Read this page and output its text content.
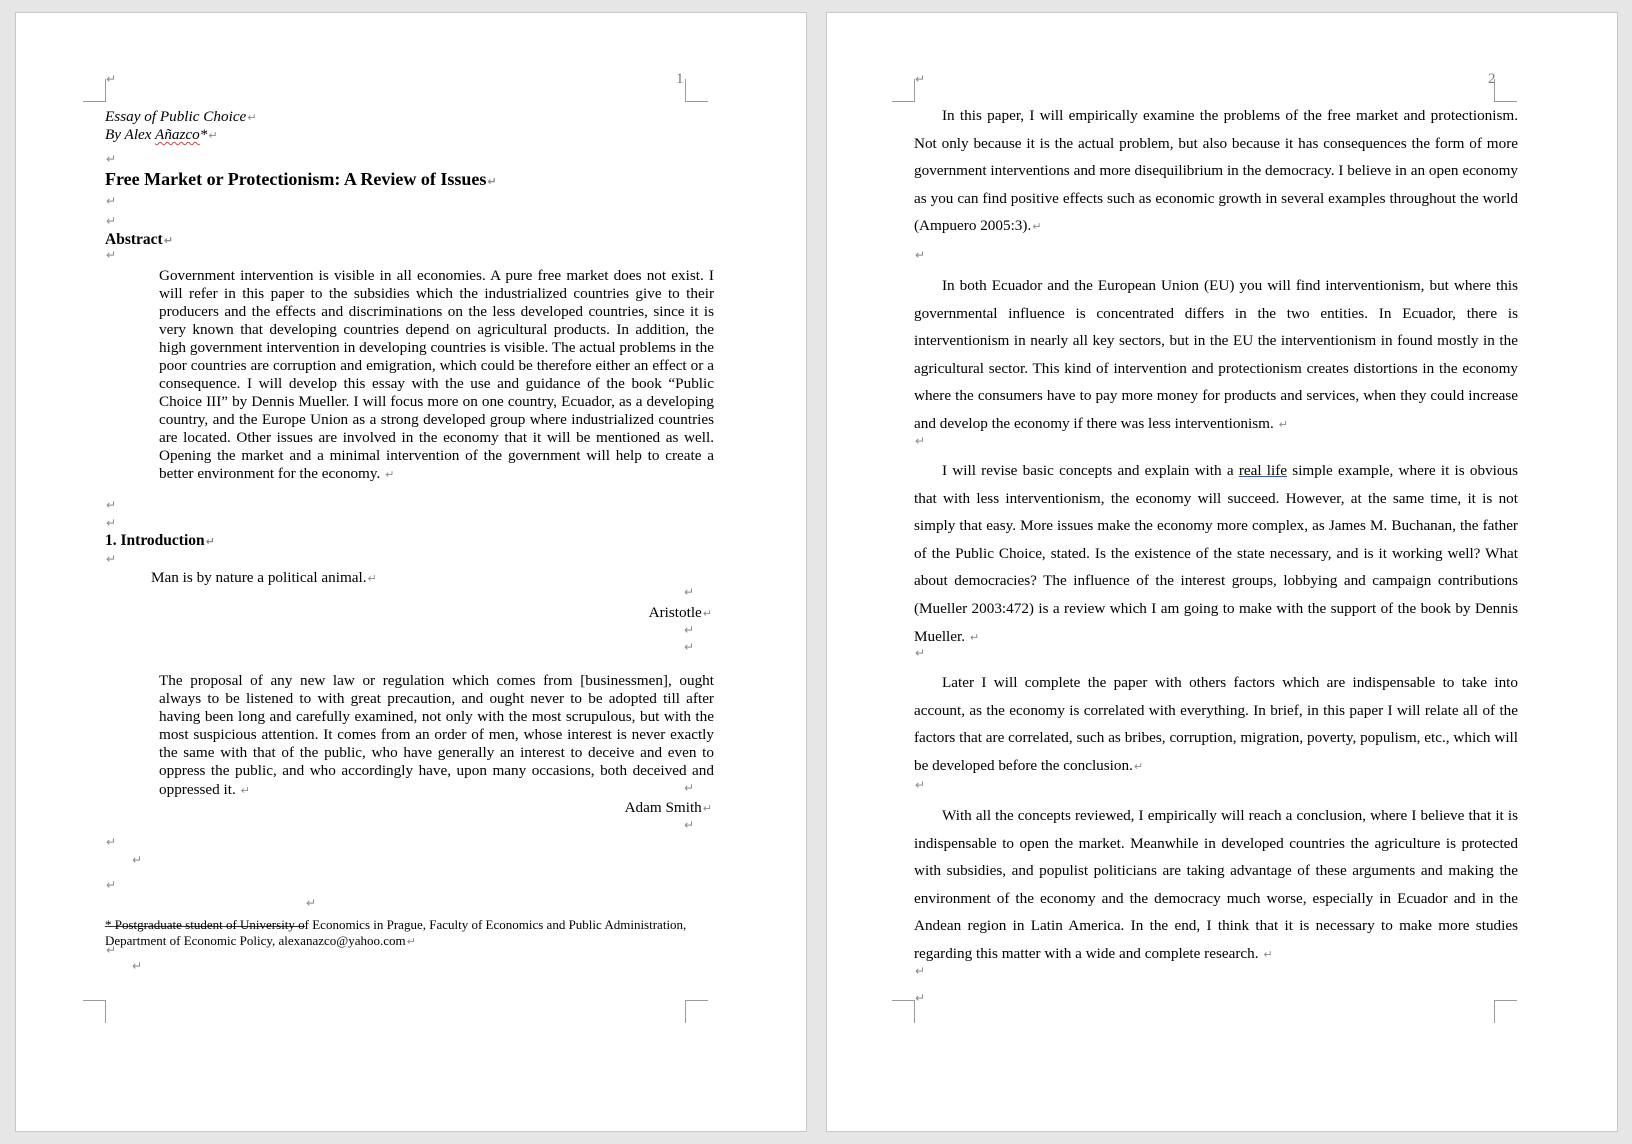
1
↵
Essay of Public Choice ↵
By Alex Añazco* ↵
↵
Free Market or Protectionism: A Review of Issues ↵
↵
↵
Abstract ↵
↵
Government intervention is visible in all economies. A pure free market does not exist. I will refer in this paper to the subsidies which the industrialized countries give to their producers and the effects and discriminations on the less developed countries, since it is very known that developing countries depend on agricultural products. In addition, the high government intervention in developing countries is visible. The actual problems in the poor countries are corruption and emigration, which could be therefore either an effect or a consequence. I will develop this essay with the use and guidance of the book “Public Choice III” by Dennis Mueller. I will focus more on one country, Ecuador, as a developing country, and the Europe Union as a strong developed group where industrialized countries are located. Other issues are involved in the economy that it will be mentioned as well. Opening the market and a minimal intervention of the government will help to create a better environment for the economy. ↵
↵
↵
1. Introduction ↵
↵
Man is by nature a political animal. ↵
↵
Aristotle ↵
↵
↵
The proposal of any new law or regulation which comes from [businessmen], ought always to be listened to with great precaution, and ought never to be adopted till after having been long and carefully examined, not only with the most scrupulous, but with the most suspicious attention. It comes from an order of men, whose interest is never exactly the same with that of the public, who have generally an interest to deceive and even to oppress the public, and who accordingly have, upon many occasions, both deceived and oppressed it. ↵
↵
Adam Smith ↵
↵
↵
↵
↵
↵
* Postgraduate student of University of Economics in Prague, Faculty of Economics and Public Administration, Department of Economic Policy, alexanazco@yahoo.com ↵
↵
↵
2
↵
In this paper, I will empirically examine the problems of the free market and protectionism. Not only because it is the actual problem, but also because it has consequences the form of more government interventions and more disequilibrium in the democracy. I believe in an open economy as you can find positive effects such as economic growth in several examples throughout the world (Ampuero 2005:3). ↵
↵
In both Ecuador and the European Union (EU) you will find interventionism, but where this governmental influence is concentrated differs in the two entities. In Ecuador, there is interventionism in nearly all key sectors, but in the EU the interventionism in found mostly in the agricultural sector. This kind of intervention and protectionism creates distortions in the economy where the consumers have to pay more money for products and services, when they could increase and develop the economy if there was less interventionism. ↵
↵
I will revise basic concepts and explain with a real life simple example, where it is obvious that with less interventionism, the economy will succeed. However, at the same time, it is not simply that easy. More issues make the economy more complex, as James M. Buchanan, the father of the Public Choice, stated. Is the existence of the state necessary, and is it working well? What about democracies? The influence of the interest groups, lobbying and campaign contributions (Mueller 2003:472) is a review which I am going to make with the support of the book by Dennis Mueller. ↵
↵
Later I will complete the paper with others factors which are indispensable to take into account, as the economy is correlated with everything. In brief, in this paper I will relate all of the factors that are correlated, such as bribes, corruption, migration, poverty, populism, etc., which will be developed before the conclusion. ↵
↵
With all the concepts reviewed, I empirically will reach a conclusion, where I believe that it is indispensable to open the market. Meanwhile in developed countries the agriculture is protected with subsidies, and populist politicians are taking advantage of these arguments and making the environment of the economy and the democracy much worse, especially in Ecuador and in the Andean region in Latin America. In the end, I think that it is necessary to make more studies regarding this matter with a wide and complete research. ↵
↵
↵
